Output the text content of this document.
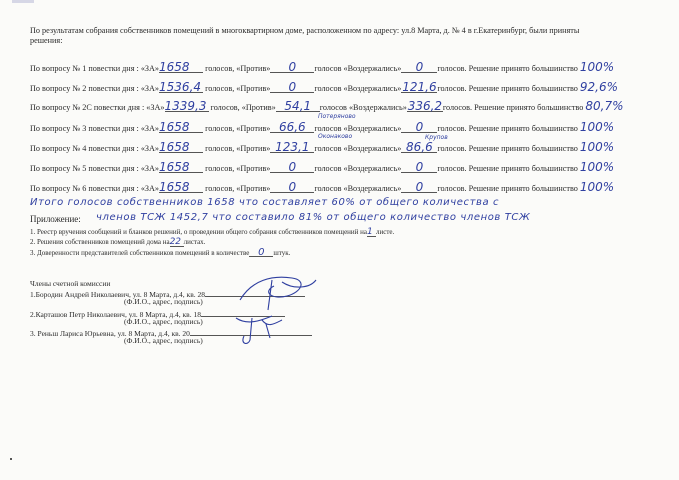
По результатам собрания собственников помещений в многоквартирном доме, расположенном по адресу: ул.8 Марта, д. № 4 в г.Екатеринбург, были приняты
решения:
По вопросу № 1 повестки дня : «ЗА»1658 голосов, «Против» 0 голосов «Воздержались» 0 голосов. Решение принято большинство 100%
По вопросу № 2 повестки дня : «ЗА»1536,4 голосов, «Против» 0 голосов «Воздержались»121,6голосов. Решение принято большинство 92,6%
По вопросу № 2С повестки дня : «ЗА»1339,3 голосов, «Против» 54,1 голосов «Воздержались»336,2голосов. Решение принято большинство 80,7%
По вопросу № 3 повестки дня : «ЗА»1658 голосов, «Против» 66,6 голосов «Воздержались» 0 голосов. Решение принято большинство 100%
По вопросу № 4 повестки дня : «ЗА»1658 голосов, «Против» 123,1 голосов «Воздержались» 86,6 голосов. Решение принято большинство 100%
По вопросу № 5 повестки дня : «ЗА»1658 голосов, «Против» 0 голосов «Воздержались» 0 голосов. Решение принято большинство 100%
По вопросу № 6 повестки дня : «ЗА»1658 голосов, «Против» 0 голосов «Воздержались» 0 голосов. Решение принято большинство 100%
Итого голосов собственников 1658 что составляет 60% от общего количества с
членов ТСЖ 1452,7 что составило 81% от общего количество членов ТСЖ
Приложение:
1. Реестр вручения сообщений и бланков решений, о проведении общего собрания собственников помещений на1 листе.
2. Решения собственников помещений дома на22 листах.
3. Доверенности представителей собственников помещений в количестве 0 штук.
Члены счетной комиссии
1.Бородин Андрей Николаевич, ул. 8 Марта, д.4, кв. 28
(Ф.И.О., адрес, подпись)
2.Карташов Петр Николаевич, ул. 8 Марта, д.4, кв. 18
(Ф.И.О., адрес, подпись)
3. Реньш Лариса Юрьевна, ул. 8 Марта, д.4, кв. 20
(Ф.И.О., адрес, подпись)
Потеряново
Оконаково	Крупов
